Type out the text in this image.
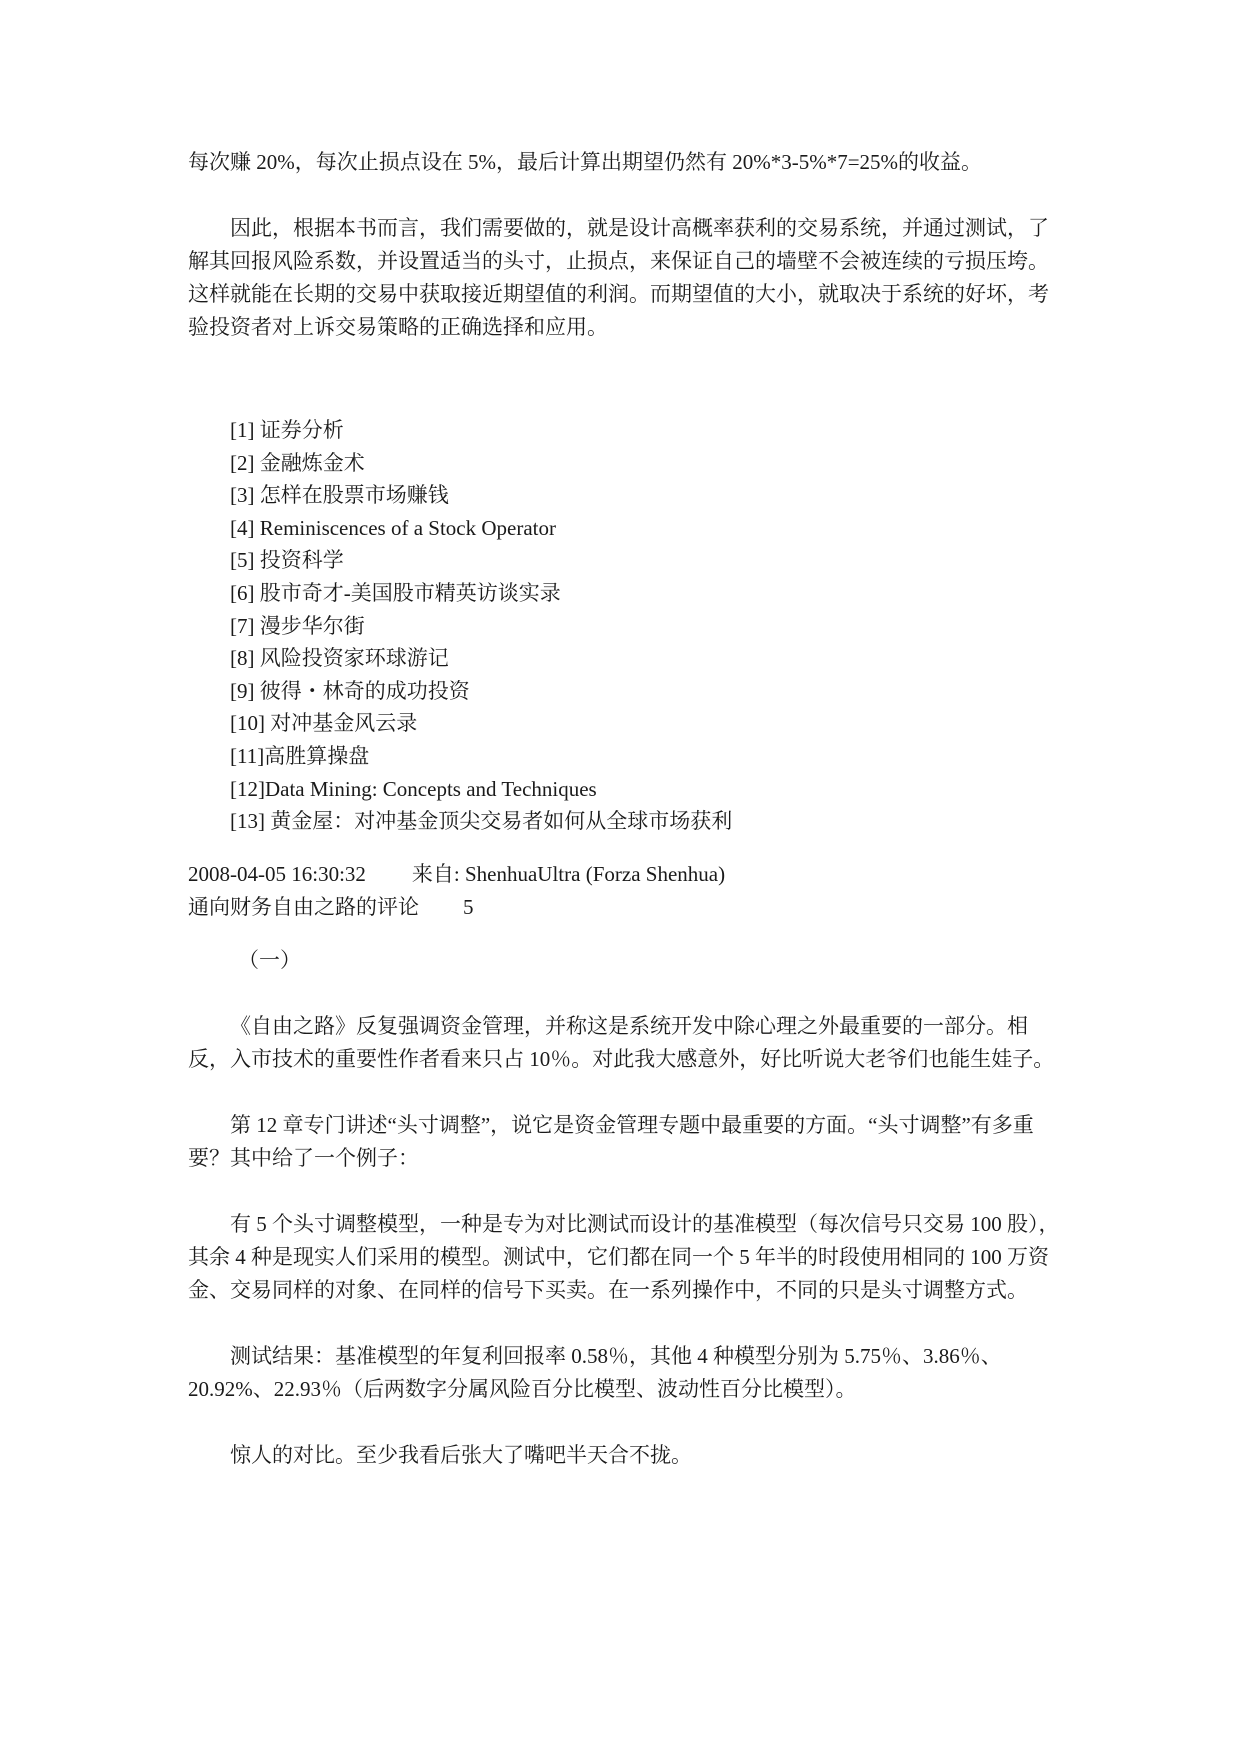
每次赚 20%，每次止损点设在 5%，最后计算出期望仍然有 20%*3-5%*7=25%的收益。

因此，根据本书而言，我们需要做的，就是设计高概率获利的交易系统，并通过测试，了解其回报风险系数，并设置适当的头寸，止损点，来保证自己的墙壁不会被连续的亏损压垮。这样就能在长期的交易中获取接近期望值的利润。而期望值的大小，就取决于系统的好坏，考验投资者对上诉交易策略的正确选择和应用。

[1] 证券分析
[2] 金融炼金术
[3] 怎样在股票市场赚钱
[4] Reminiscences of a Stock Operator
[5] 投资科学
[6] 股市奇才-美国股市精英访谈实录
[7] 漫步华尔街
[8] 风险投资家环球游记
[9] 彼得・林奇的成功投资
[10] 对冲基金风云录
[11]高胜算操盘
[12]Data Mining: Concepts and Techniques
[13] 黄金屋：对冲基金顶尖交易者如何从全球市场获利

2008-04-05 16:30:32 来自: ShenhuaUltra (Forza Shenhua)

通向财务自由之路的评论 5

（一）

《自由之路》反复强调资金管理，并称这是系统开发中除心理之外最重要的一部分。相反，入市技术的重要性作者看来只占 10％。对此我大感意外，好比听说大老爷们也能生娃子。

第 12 章专门讲述“头寸调整”，说它是资金管理专题中最重要的方面。“头寸调整”有多重要？其中给了一个例子：

有 5 个头寸调整模型，一种是专为对比测试而设计的基准模型（每次信号只交易 100 股），其余 4 种是现实人们采用的模型。测试中，它们都在同一个 5 年半的时段使用相同的 100 万资金、交易同样的对象、在同样的信号下买卖。在一系列操作中，不同的只是头寸调整方式。

测试结果：基准模型的年复利回报率 0.58％，其他 4 种模型分别为 5.75％、3.86％、20.92%、22.93％（后两数字分属风险百分比模型、波动性百分比模型）。

惊人的对比。至少我看后张大了嘴吧半天合不拢。
